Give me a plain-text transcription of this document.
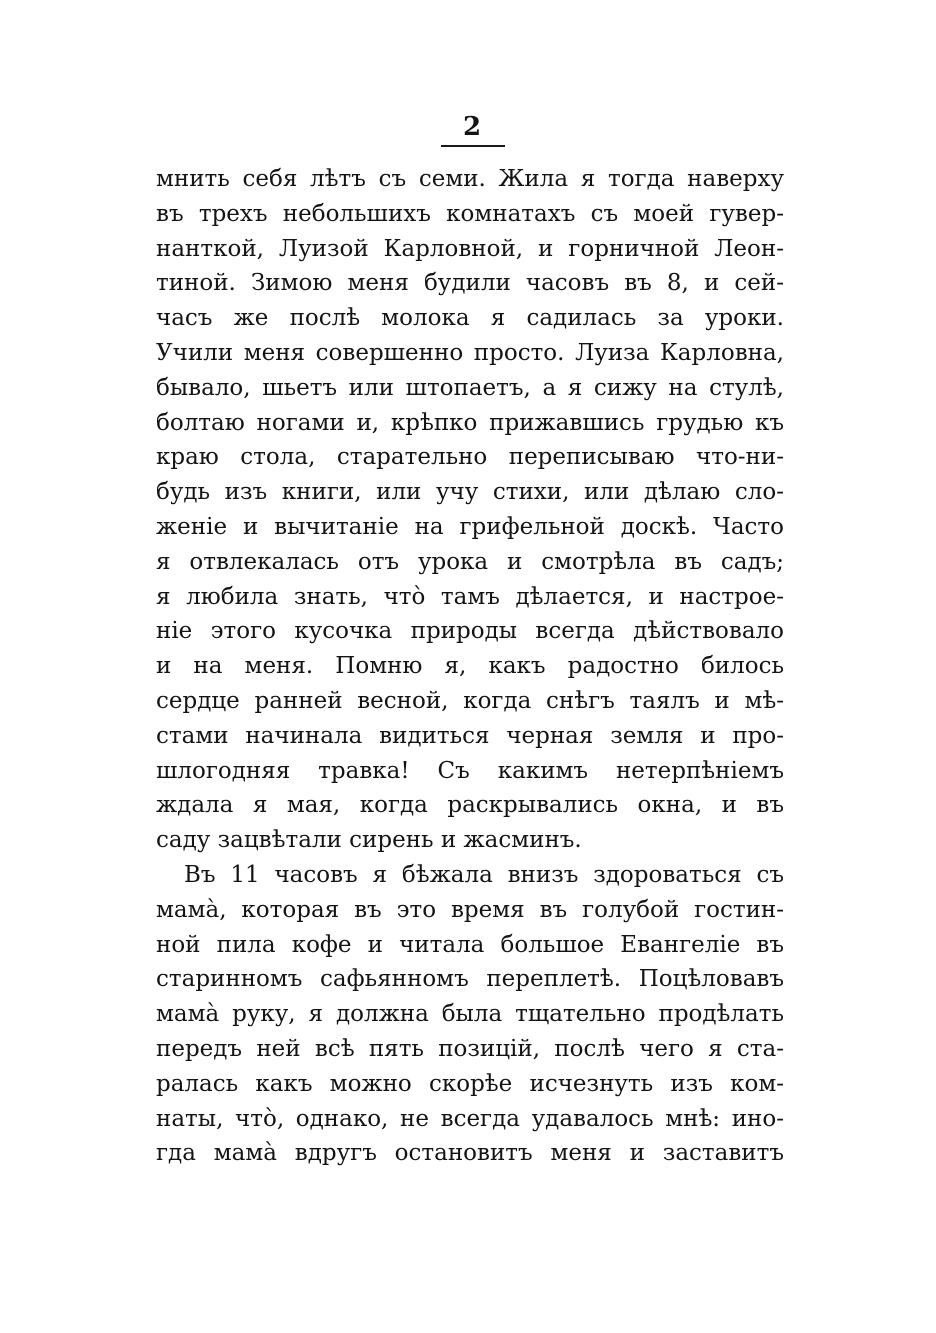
2
мнить себя лѣтъ съ семи. Жила я тогда наверху
въ трехъ небольшихъ комнатахъ съ моей гувер-
нанткой, Луизой Карловной, и горничной Леон-
тиной. Зимою меня будили часовъ въ 8, и сей-
часъ же послѣ молока я садилась за уроки.
Учили меня совершенно просто. Луиза Карловна,
бывало, шьетъ или штопаетъ, а я сижу на стулѣ,
болтаю ногами и, крѣпко прижавшись грудью къ
краю стола, старательно переписываю что-ни-
будь изъ книги, или учу стихи, или дѣлаю сло-
женіе и вычитаніе на грифельной доскѣ. Часто
я отвлекалась отъ урока и смотрѣла въ садъ;
я любила знать, что̀ тамъ дѣлается, и настрое-
ніе этого кусочка природы всегда дѣйствовало
и на меня. Помню я, какъ радостно билось
сердце ранней весной, когда снѣгъ таялъ и мѣ-
стами начинала видиться черная земля и про-
шлогодняя травка! Съ какимъ нетерпѣніемъ
ждала я мая, когда раскрывались окна, и въ
саду зацвѣтали сирень и жасминъ.
Въ 11 часовъ я бѣжала внизъ здороваться съ
мама̀, которая въ это время въ голубой гостин-
ной пила кофе и читала большое Евангеліе въ
старинномъ сафьянномъ переплетѣ. Поцѣловавъ
мама̀ руку, я должна была тщательно продѣлать
передъ ней всѣ пять позицій, послѣ чего я ста-
ралась какъ можно скорѣе исчезнуть изъ ком-
наты, что̀, однако, не всегда удавалось мнѣ: ино-
гда мама̀ вдругъ остановитъ меня и заставитъ
